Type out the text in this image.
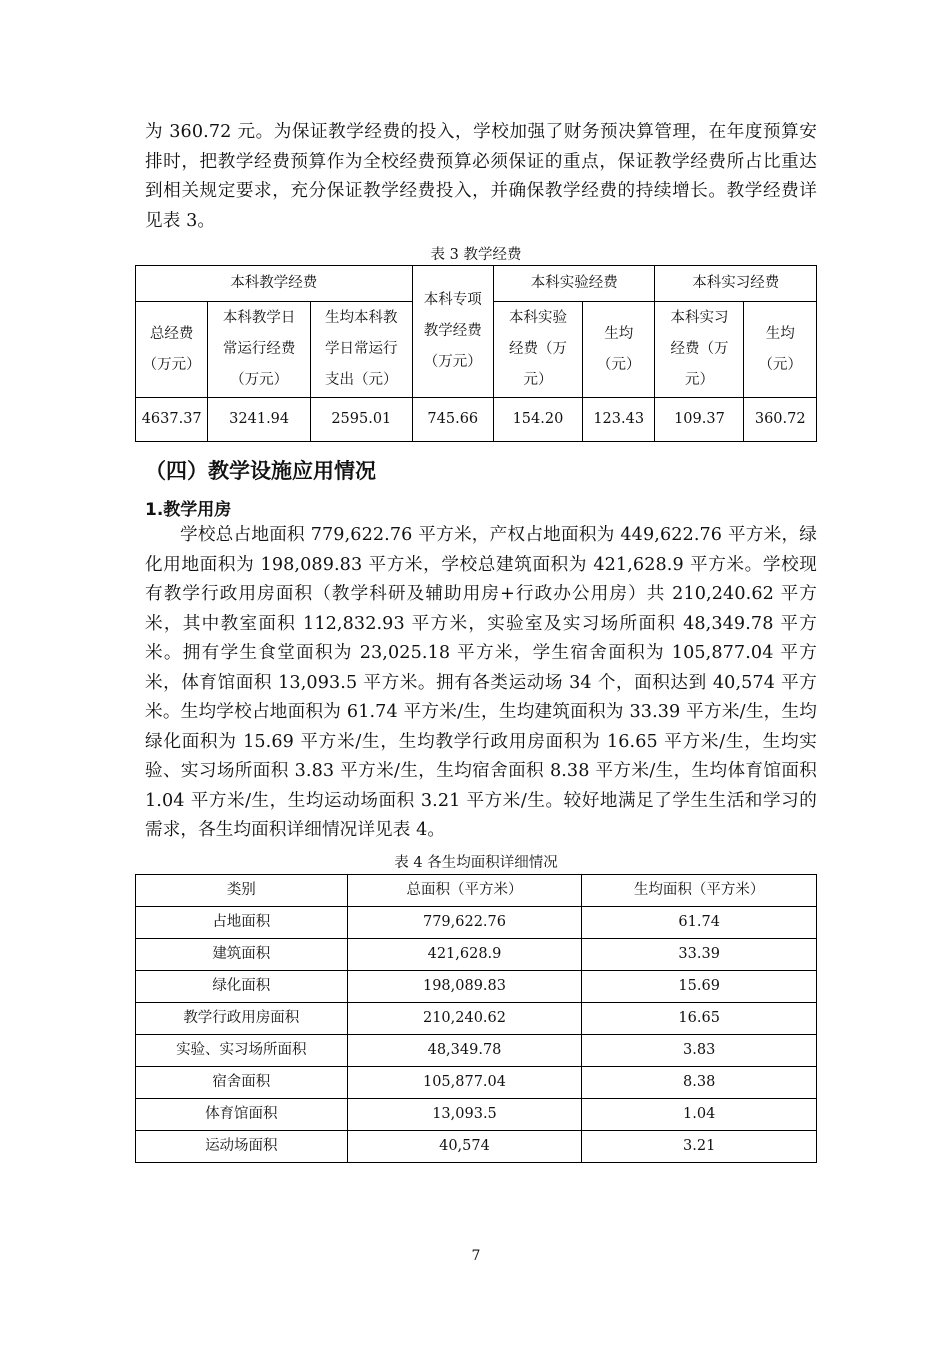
为 360.72 元。为保证教学经费的投入，学校加强了财务预决算管理，在年度预算安排时，把教学经费预算作为全校经费预算必须保证的重点，保证教学经费所占比重达到相关规定要求，充分保证教学经费投入，并确保教学经费的持续增长。教学经费详见表 3。

表 3 教学经费

本科教学经费			本科专项教学经费（万元）	本科实验经费		本科实习经费	
总经费（万元）	本科教学日常运行经费（万元）	生均本科教学日常运行支出（元）		本科实验经费（万元）	生均（元）	本科实习经费（万元）	生均（元）
4637.37	3241.94	2595.01	745.66	154.20	123.43	109.37	360.72
（四）教学设施应用情况
1.教学用房

学校总占地面积 779,622.76 平方米，产权占地面积为 449,622.76 平方米，绿化用地面积为 198,089.83 平方米，学校总建筑面积为 421,628.9 平方米。学校现有教学行政用房面积（教学科研及辅助用房+行政办公用房）共 210,240.62 平方米，其中教室面积 112,832.93 平方米，实验室及实习场所面积 48,349.78 平方米。拥有学生食堂面积为 23,025.18 平方米，学生宿舍面积为 105,877.04 平方米，体育馆面积 13,093.5 平方米。拥有各类运动场 34 个，面积达到 40,574 平方米。生均学校占地面积为 61.74 平方米/生，生均建筑面积为 33.39 平方米/生，生均绿化面积为 15.69 平方米/生，生均教学行政用房面积为 16.65 平方米/生，生均实验、实习场所面积 3.83 平方米/生，生均宿舍面积 8.38 平方米/生，生均体育馆面积 1.04 平方米/生，生均运动场面积 3.21 平方米/生。较好地满足了学生生活和学习的需求，各生均面积详细情况详见表 4。

表 4 各生均面积详细情况

类别	总面积（平方米）	生均面积（平方米）
占地面积	779,622.76	61.74
建筑面积	421,628.9	33.39
绿化面积	198,089.83	15.69
教学行政用房面积	210,240.62	16.65
实验、实习场所面积	48,349.78	3.83
宿舍面积	105,877.04	8.38
体育馆面积	13,093.5	1.04
运动场面积	40,574	3.21
7
